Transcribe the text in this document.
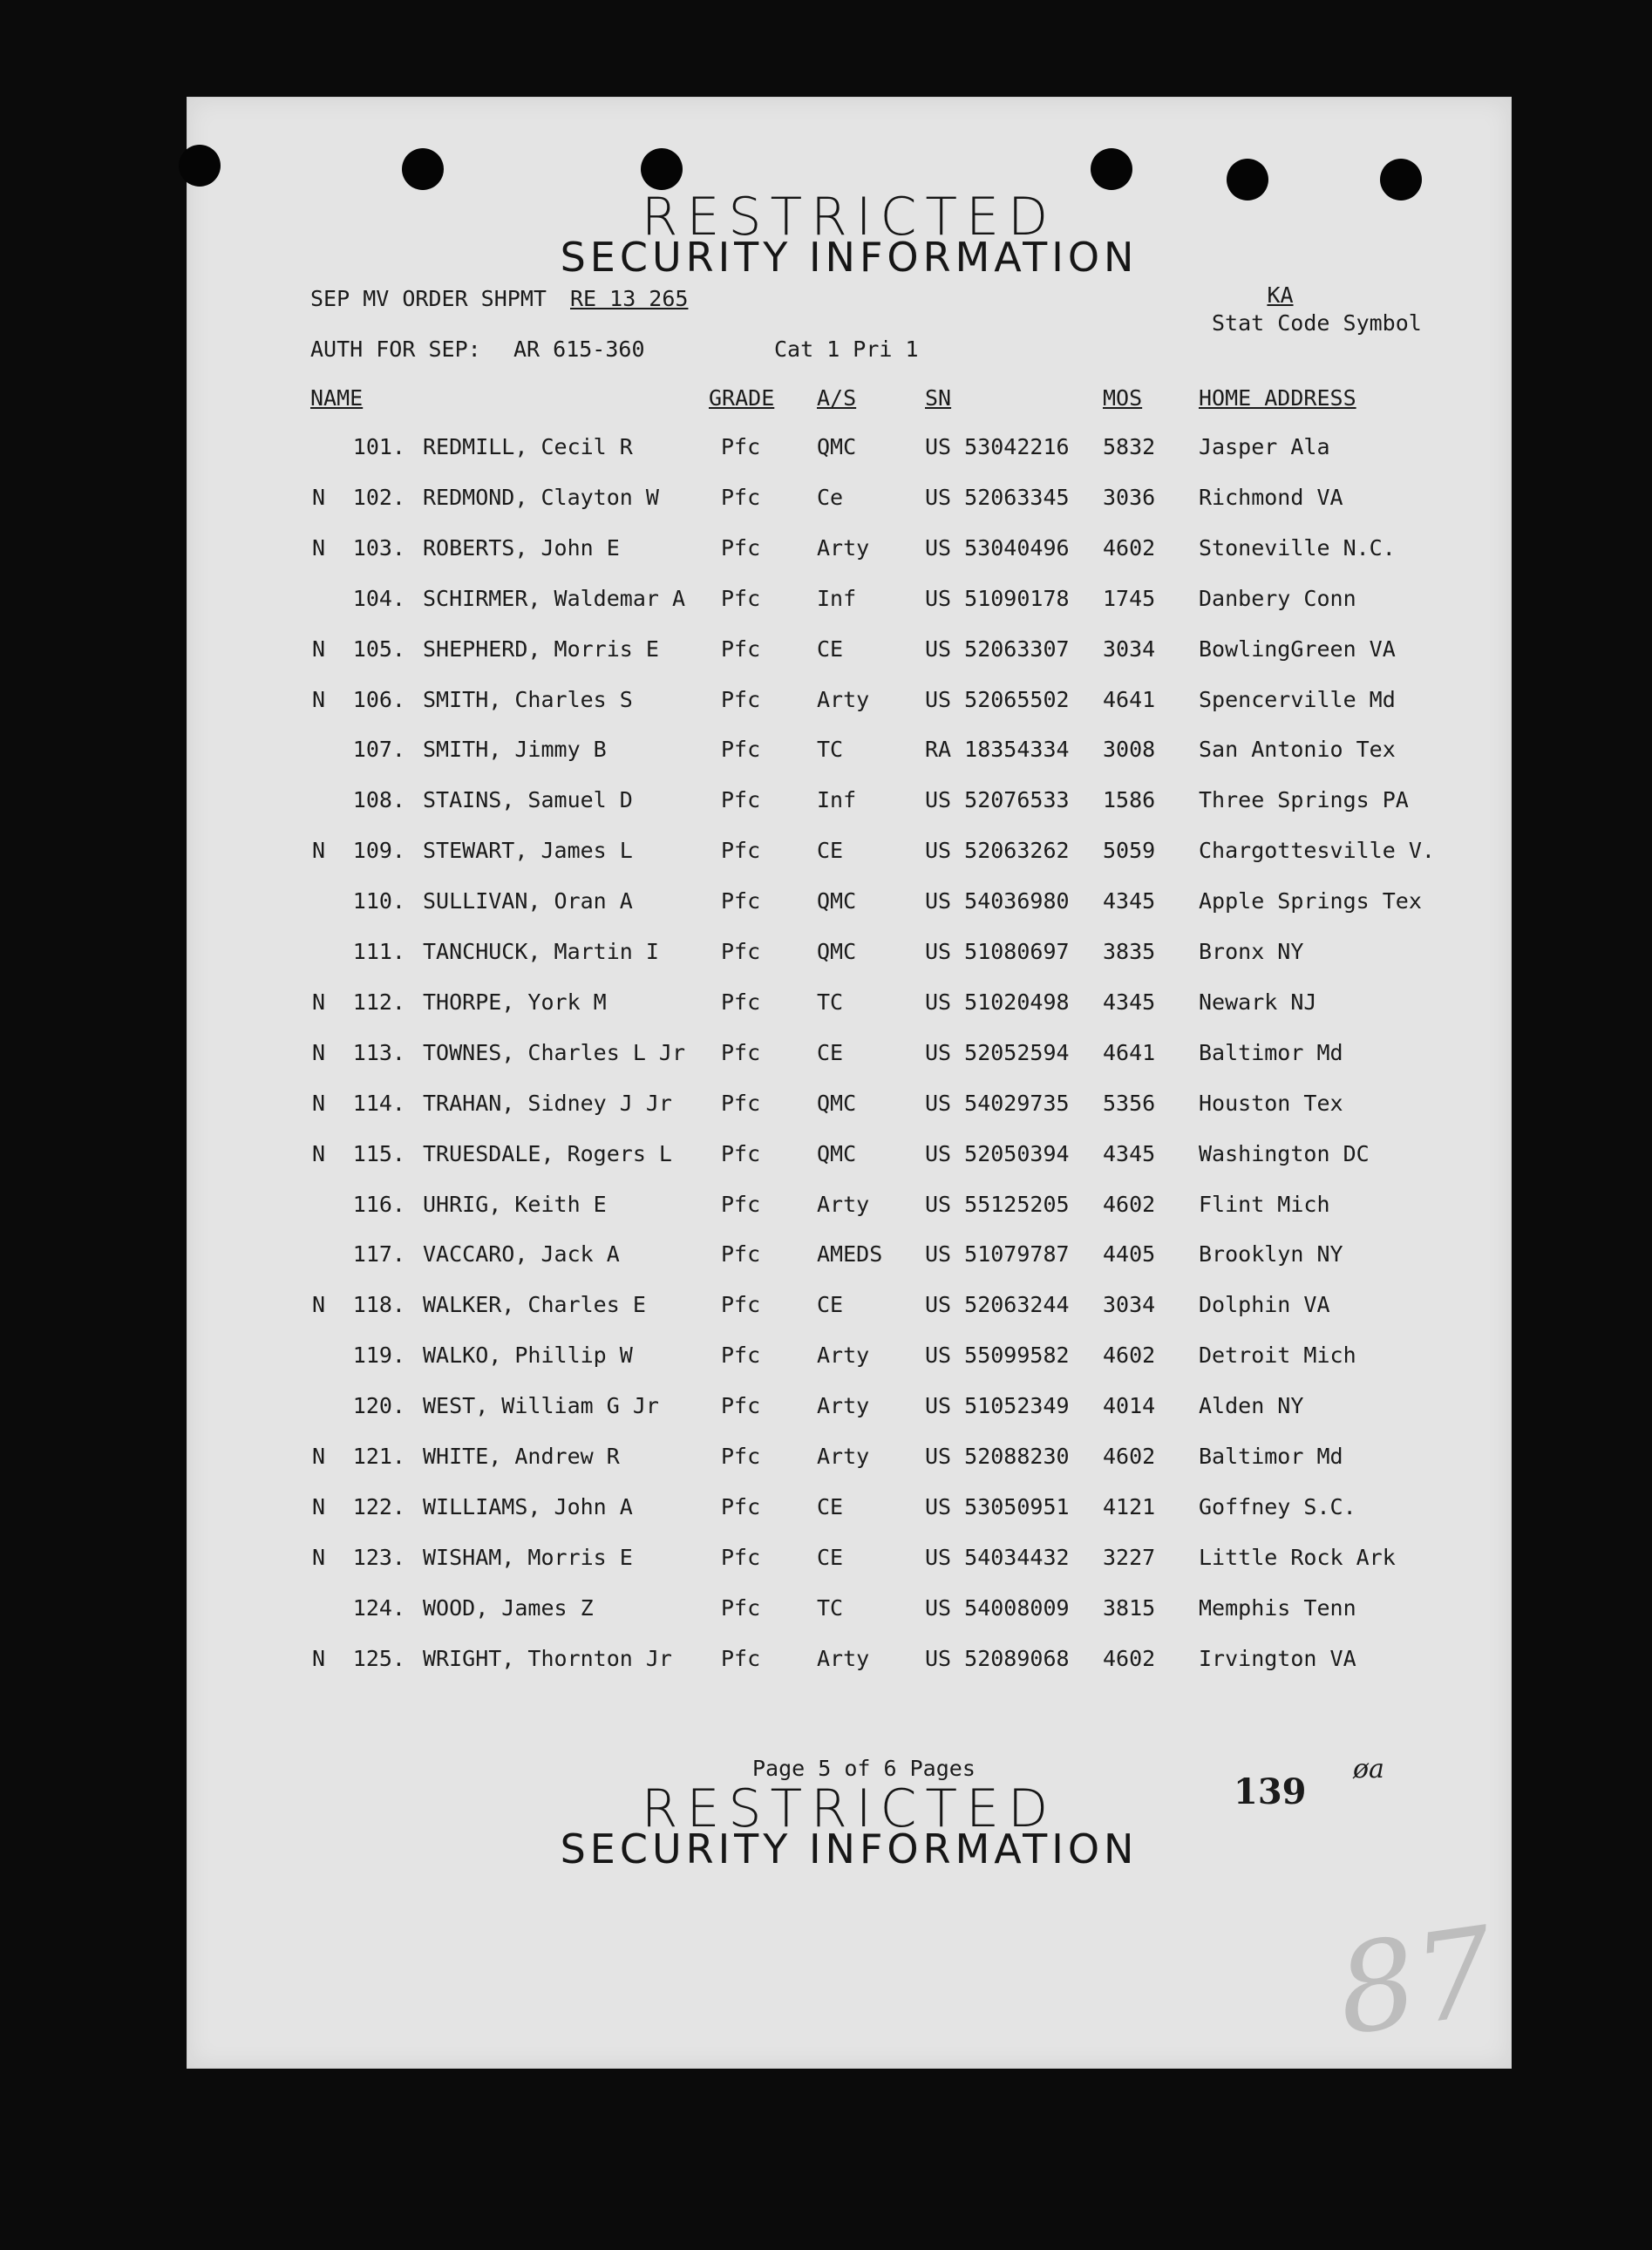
RESTRICTED
SECURITY INFORMATION
SEP MV ORDER SHPMT RE 13 265	KA
Stat Code Symbol
AUTH FOR SEP: AR 615-360	Cat 1 Pri 1
NAME	GRADE A/S	SN	MOS	HOME ADDRESS
101. REDMILL, Cecil R	Pfc	QMC	US 53042216 5832 Jasper Ala
N	102. REDMOND, Clayton W	Pfc	Ce	US 52063345 3036 Richmond VA
N	103. ROBERTS, John E	Pfc	Arty	US 53040496 4602 Stoneville N.C.
104. SCHIRMER, Waldemar A Pfc	Inf	US 51090178 1745 Danbery Conn
N	105. SHEPHERD, Morris E	Pfc	CE	US 52063307 3034 BowlingGreen VA
N	106. SMITH, Charles S	Pfc	Arty	US 52065502 4641 Spencerville Md
107. SMITH, Jimmy B	Pfc	TC	RA 18354334 3008 San Antonio Tex
108. STAINS, Samuel D	Pfc	Inf	US 52076533 1586 Three Springs PA
N	109. STEWART, James L	Pfc	CE	US 52063262 5059 Chargottesville V.
110. SULLIVAN, Oran A	Pfc	QMC	US 54036980 4345 Apple Springs Tex
111. TANCHUCK, Martin I	Pfc	QMC	US 51080697 3835 Bronx NY
N	112. THORPE, York M	Pfc	TC	US 51020498 4345 Newark NJ
N	113. TOWNES, Charles L Jr Pfc	CE	US 52052594 4641 Baltimor Md
N	114. TRAHAN, Sidney J Jr Pfc	QMC	US 54029735 5356 Houston Tex
N	115. TRUESDALE, Rogers L Pfc	QMC	US 52050394 4345 Washington DC
116. UHRIG, Keith E	Pfc	Arty	US 55125205 4602 Flint Mich
117. VACCARO, Jack A	Pfc	AMEDS US 51079787 4405 Brooklyn NY
N	118. WALKER, Charles E	Pfc	CE	US 52063244 3034 Dolphin VA
119. WALKO, Phillip W	Pfc	Arty	US 55099582 4602 Detroit Mich
120. WEST, William G Jr	Pfc	Arty	US 51052349 4014 Alden NY
N	121. WHITE, Andrew R	Pfc	Arty	US 52088230 4602 Baltimor Md
N	122. WILLIAMS, John A	Pfc	CE	US 53050951 4121 Goffney S.C.
N	123. WISHAM, Morris E	Pfc	CE	US 54034432 3227 Little Rock Ark
124. WOOD, James Z	Pfc	TC	US 54008009 3815 Memphis Tenn
N	125. WRIGHT, Thornton Jr Pfc	Arty	US 52089068 4602 Irvington VA
Page 5 of 6 Pages
139
øa
RESTRICTED
SECURITY INFORMATION
87
